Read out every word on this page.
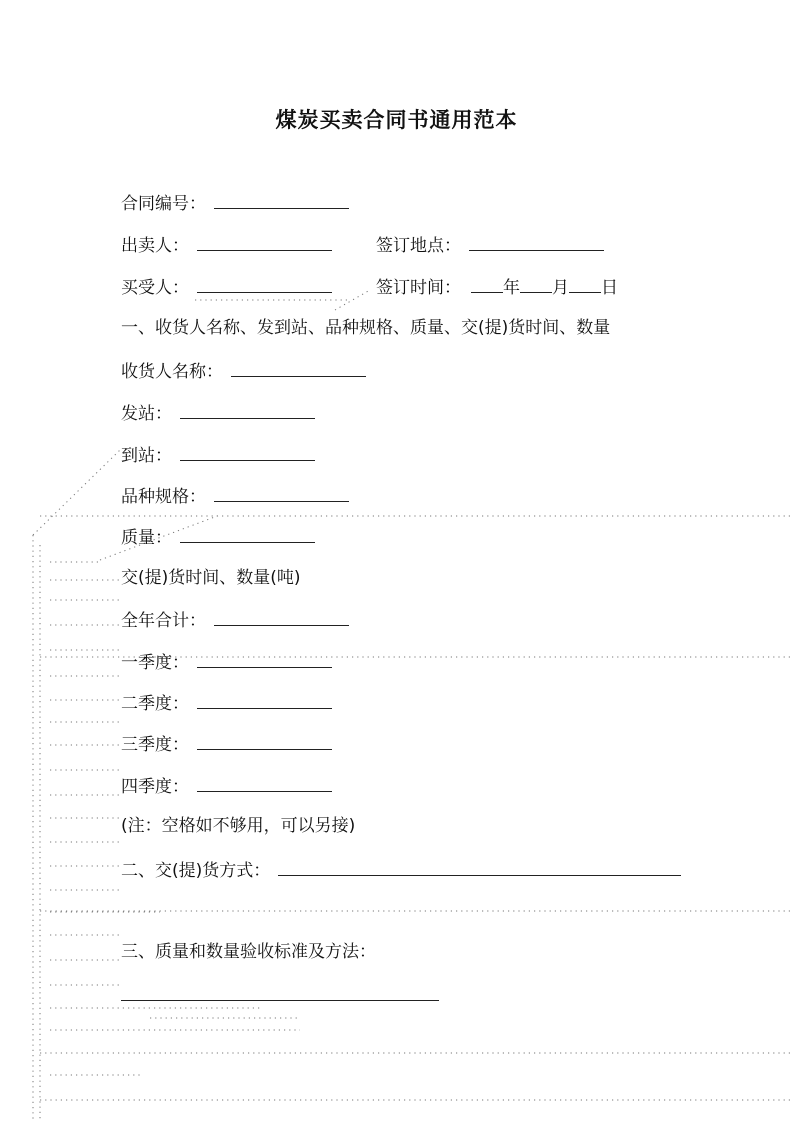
煤炭买卖合同书通用范本
合同编号：
出卖人：	签订地点：
买受人：	签订时间： 年 月 日
一、收货人名称、发到站、品种规格、质量、交(提)货时间、数量
收货人名称：
发站：
到站：
品种规格：
质量：
交(提)货时间、数量(吨)
全年合计：
一季度：
二季度：
三季度：
四季度：
(注：空格如不够用，可以另接)
二、交(提)货方式：
三、质量和数量验收标准及方法：
